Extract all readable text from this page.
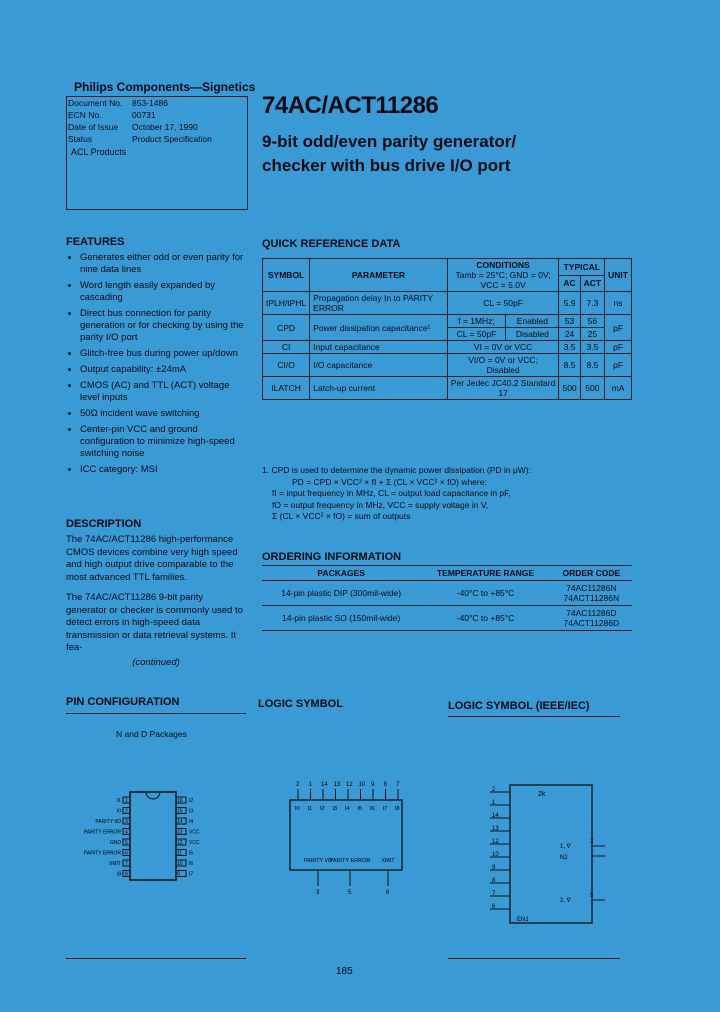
Philips Components—Signetics
Document No.	853-1486
ECN No.	00731
Date of Issue	October 17, 1990
Status	Product Specification
ACL Products
74AC/ACT11286
9-bit odd/even parity generator/
checker with bus drive I/O port
FEATURES
• Generates either odd or even parity for nine data lines
• Word length easily expanded by cascading
• Direct bus connection for parity generation or for checking by using the parity I/O port
• Glitch-free bus during power up/down
• Output capability: ±24mA
• CMOS (AC) and TTL (ACT) voltage level inputs
• 50Ω incident wave switching
• Center-pin VCC and ground configuration to minimize high-speed switching noise
• ICC category: MSI
DESCRIPTION

The 74AC/ACT11286 high-performance CMOS devices combine very high speed and high output drive comparable to the most advanced TTL families.

The 74AC/ACT11286 9-bit parity generator or checker is commonly used to detect errors in high-speed data transmission or data retrieval systems. It fea-

(continued)
QUICK REFERENCE DATA
SYMBOL	PARAMETER	CONDITIONS
Tamb = 25°C; GND = 0V;
VCC = 5.0V		TYPICAL		UNIT
				AC	ACT	
tPLH/tPHL	Propagation delay In to PARITY ERROR	CL = 50pF		5.9	7.3	ns
CPD	Power dissipation capacitance¹	f = 1MHz;	Enabled	53	56	pF
		CL = 50pF	Disabled	24	25	
CI	Input capacitance	VI = 0V or VCC		3.5	3.5	pF
CI/O	I/O capacitance	VI/O = 0V or VCC; Disabled		8.5	8.5	pF
ILATCH	Latch-up current	Per Jedec JC40.2 Standard 17		500	500	mA
1. CPD is used to determine the dynamic power dissipation (PD in μW):
PD = CPD × VCC² × fI + Σ (CL × VCC² × fO) where:
fI = input frequency in MHz, CL = output load capacitance in pF,
fO = output frequency in MHz, VCC = supply voltage in V,
Σ (CL × VCC² × fO) = sum of outputs
ORDERING INFORMATION
PACKAGES	TEMPERATURE RANGE	ORDER CODE
14-pin plastic DIP (300mil-wide)	-40°C to +85°C	74AC11286N
74ACT11286N
14-pin plastic SO (150mil-wide)	-40°C to +85°C	74AC11286D
74ACT11286D
PIN CONFIGURATION
N and D Packages
LOGIC SYMBOL	LOGIC SYMBOL (IEEE/IEC)
1
I1
2
I0
3
PARITY I/O
4
PARITY ERROR
5
GND
6
PARITY ERROR
7
XMIT
8
I8
16 I2
15 I3
14 I4
13 VCC
12 VCC
11 I5
10 I6
9 I7
2
I0
1
I1
14
I2
13
I3
12
I4
10
I5
9
I6
8
I7
7
I8
PARITY I/O
3
PARITY ERROR
5
XMIT
6
2k
2
1
14
13
12
10
9
8
7
6
EN1
1, ∇
3
N2
2, ∇
5
185
